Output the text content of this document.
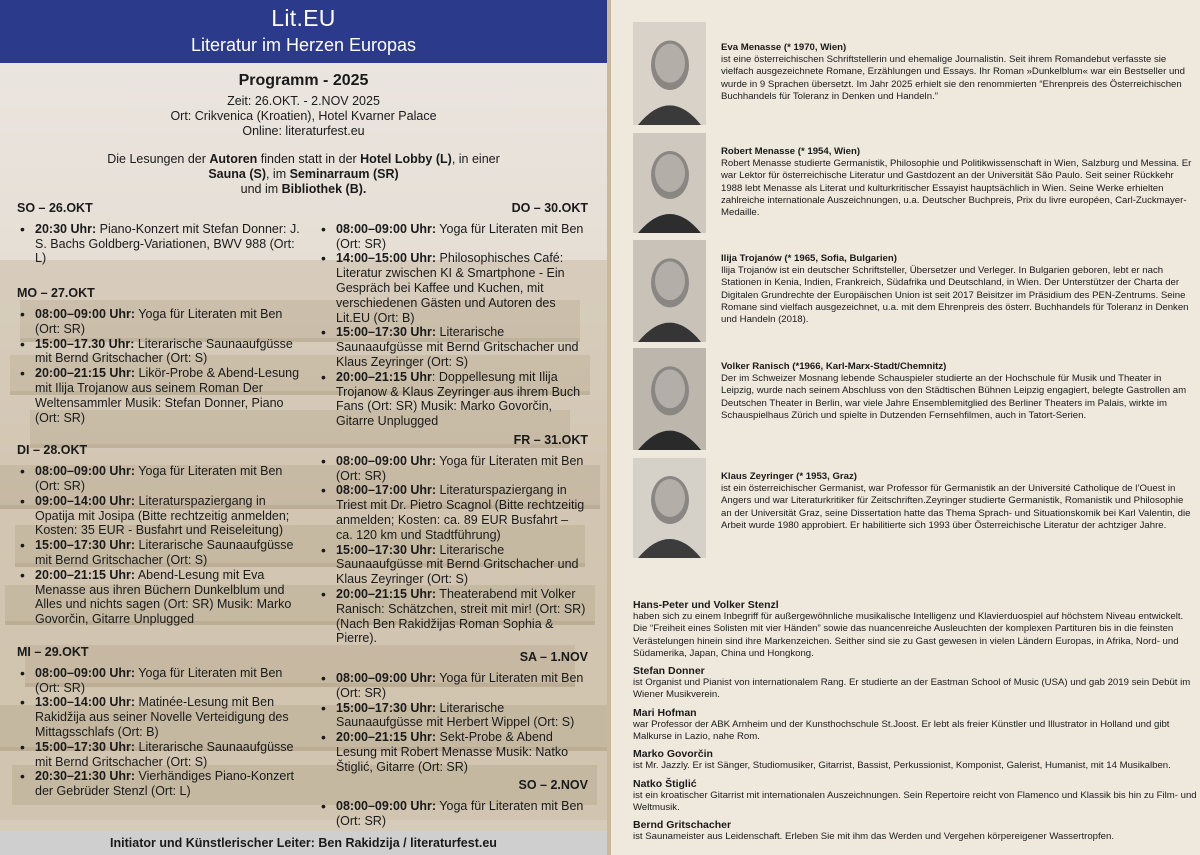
Lit.EU
Literatur im Herzen Europas
Programm - 2025
Zeit: 26.OKT. - 2.NOV 2025
Ort: Crikvenica (Kroatien), Hotel Kvarner Palace
Online: literaturfest.eu
Die Lesungen der Autoren finden statt in der Hotel Lobby (L), in einer
Sauna (S), im Seminarraum (SR)
und im Bibliothek (B).
SO – 26.OKT
• 20:30 Uhr: Piano-Konzert mit Stefan Donner: J. S. Bachs Goldberg-Variationen, BWV 988 (Ort: L)
MO – 27.OKT
• 08:00–09:00 Uhr: Yoga für Literaten mit Ben (Ort: SR)
• 15:00–17.30 Uhr: Literarische Saunaaufgüsse mit Bernd Gritschacher (Ort: S)
• 20:00–21:15 Uhr: Likör-Probe & Abend-Lesung mit Ilija Trojanow aus seinem Roman Der Weltensammler Musik: Stefan Donner, Piano (Ort: SR)
DI – 28.OKT
• 08:00–09:00 Uhr: Yoga für Literaten mit Ben (Ort: SR)
• 09:00–14:00 Uhr: Literaturspaziergang in Opatija mit Josipa (Bitte rechtzeitig anmelden; Kosten: 35 EUR - Busfahrt und Reiseleitung)
• 15:00–17:30 Uhr: Literarische Saunaaufgüsse mit Bernd Gritschacher (Ort: S)
• 20:00–21:15 Uhr: Abend-Lesung mit Eva Menasse aus ihren Büchern Dunkelblum und Alles und nichts sagen (Ort: SR) Musik: Marko Govorčin, Gitarre Unplugged
MI – 29.OKT
• 08:00–09:00 Uhr: Yoga für Literaten mit Ben (Ort: SR)
• 13:00–14:00 Uhr: Matinée-Lesung mit Ben Rakidžija aus seiner Novelle Verteidigung des Mittagsschlafs (Ort: B)
• 15:00–17:30 Uhr: Literarische Saunaaufgüsse mit Bernd Gritschacher (Ort: S)
• 20:30–21:30 Uhr: Vierhändiges Piano-Konzert der Gebrüder Stenzl (Ort: L)
DO – 30.OKT
• 08:00–09:00 Uhr: Yoga für Literaten mit Ben (Ort: SR)
• 14:00–15:00 Uhr: Philosophisches Café: Literatur zwischen KI & Smartphone - Ein Gespräch bei Kaffee und Kuchen, mit verschiedenen Gästen und Autoren des Lit.EU (Ort: B)
• 15:00–17:30 Uhr: Literarische Saunaaufgüsse mit Bernd Gritschacher und Klaus Zeyringer (Ort: S)
• 20:00–21:15 Uhr: Doppellesung mit Ilija Trojanow & Klaus Zeyringer aus ihrem Buch Fans (Ort: SR) Musik: Marko Govorčin, Gitarre Unplugged
FR – 31.OKT
• 08:00–09:00 Uhr: Yoga für Literaten mit Ben (Ort: SR)
• 08:00–17:00 Uhr: Literaturspaziergang in Triest mit Dr. Pietro Scagnol (Bitte rechtzeitig anmelden; Kosten: ca. 89 EUR Busfahrt – ca. 120 km und Stadtführung)
• 15:00–17:30 Uhr: Literarische Saunaaufgüsse mit Bernd Gritschacher und Klaus Zeyringer (Ort: S)
• 20:00–21:15 Uhr: Theaterabend mit Volker Ranisch: Schätzchen, streit mit mir! (Ort: SR) (Nach Ben Rakidžijas Roman Sophia & Pierre).
SA – 1.NOV
• 08:00–09:00 Uhr: Yoga für Literaten mit Ben (Ort: SR)
• 15:00–17:30 Uhr: Literarische Saunaaufgüsse mit Herbert Wippel (Ort: S)
• 20:00–21:15 Uhr: Sekt-Probe & Abend Lesung mit Robert Menasse Musik: Natko Štiglić, Gitarre (Ort: SR)
SO – 2.NOV
• 08:00–09:00 Uhr: Yoga für Literaten mit Ben (Ort: SR)
Initiator und Künstlerischer Leiter: Ben Rakidzija / literaturfest.eu
Eva Menasse (* 1970, Wien)
ist eine österreichischen Schriftstellerin und ehemalige Journalistin. Seit ihrem Romandebut verfasste sie vielfach ausgezeichnete Romane, Erzählungen und Essays. Ihr Roman »Dunkelblum« war ein Bestseller und wurde in 9 Sprachen übersetzt. Im Jahr 2025 erhielt sie den renommierten “Ehrenpreis des Österreichischen Buchhandels für Toleranz in Denken und Handeln.”
Robert Menasse (* 1954, Wien)
Robert Menasse studierte Germanistik, Philosophie und Politikwissenschaft in Wien, Salzburg und Messina. Er war Lektor für österreichische Literatur und Gastdozent an der Universität São Paulo. Seit seiner Rückkehr 1988 lebt Menasse als Literat und kulturkritischer Essayist hauptsächlich in Wien. Seine Werke erhielten zahlreiche internationale Auszeichnungen, u.a. Deutscher Buchpreis, Prix du livre européen, Carl-Zuckmayer-Medaille.
Ilija Trojanów (* 1965, Sofia, Bulgarien)
Ilija Trojanów ist ein deutscher Schriftsteller, Übersetzer und Verleger. In Bulgarien geboren, lebt er nach Stationen in Kenia, Indien, Frankreich, Südafrika und Deutschland, in Wien. Der Unterstützer der Charta der Digitalen Grundrechte der Europäischen Union ist seit 2017 Beisitzer im Präsidium des PEN-Zentrums. Seine Romane sind vielfach ausgezeichnet, u.a. mit dem Ehrenpreis des österr. Buchhandels für Toleranz in Denken und Handeln (2018).
Volker Ranisch (*1966, Karl-Marx-Stadt/Chemnitz)
Der im Schweizer Mosnang lebende Schauspieler studierte an der Hochschule für Musik und Theater in Leipzig, wurde nach seinem Abschluss von den Städtischen Bühnen Leipzig engagiert, belegte Gastrollen am Deutschen Theater in Berlin, war viele Jahre Ensemblemitglied des Berliner Theaters im Palais, wirkte im Schauspielhaus Zürich und spielte in Dutzenden Fernsehfilmen, auch in Tatort-Serien.
Klaus Zeyringer (* 1953, Graz)
ist ein österreichischer Germanist, war Professor für Germanistik an der Université Catholique de l’Ouest in Angers und war Literaturkritiker für Zeitschriften.Zeyringer studierte Germanistik, Romanistik und Philosophie an der Universität Graz, seine Dissertation hatte das Thema Sprach- und Situationskomik bei Karl Valentin, die Arbeit wurde 1980 approbiert. Er habilitierte sich 1993 über Österreichische Literatur der achtziger Jahre.
Hans-Peter und Volker Stenzl
haben sich zu einem Inbegriff für außergewöhnliche musikalische Intelligenz und Klavierduospiel auf höchstem Niveau entwickelt. Die “Freiheit eines Solisten mit vier Händen” sowie das nuancenreiche Ausleuchten der komplexen Partituren bis in die feinsten Verästelungen hinein sind ihre Markenzeichen. Seither sind sie zu Gast gewesen in vielen Ländern Europas, in Afrika, Nord- und Südamerika, Japan, China und Hongkong.
Stefan Donner
ist Organist und Pianist von internationalem Rang. Er studierte an der Eastman School of Music (USA) und gab 2019 sein Debüt im Wiener Musikverein.
Mari Hofman
war Professor der ABK Arnheim und der Kunsthochschule St.Joost. Er lebt als freier Künstler und Illustrator in Holland und gibt Malkurse in Lazio, nahe Rom.
Marko Govorčin
ist Mr. Jazzly. Er ist Sänger, Studiomusiker, Gitarrist, Bassist, Perkussionist, Komponist, Galerist, Humanist, mit 14 Musikalben.
Natko Štiglić
ist ein kroatischer Gitarrist mit internationalen Auszeichnungen. Sein Repertoire reicht von Flamenco und Klassik bis hin zu Film- und Weltmusik.
Bernd Gritschacher
ist Saunameister aus Leidenschaft. Erleben Sie mit ihm das Werden und Vergehen körpereigener Wassertropfen.
